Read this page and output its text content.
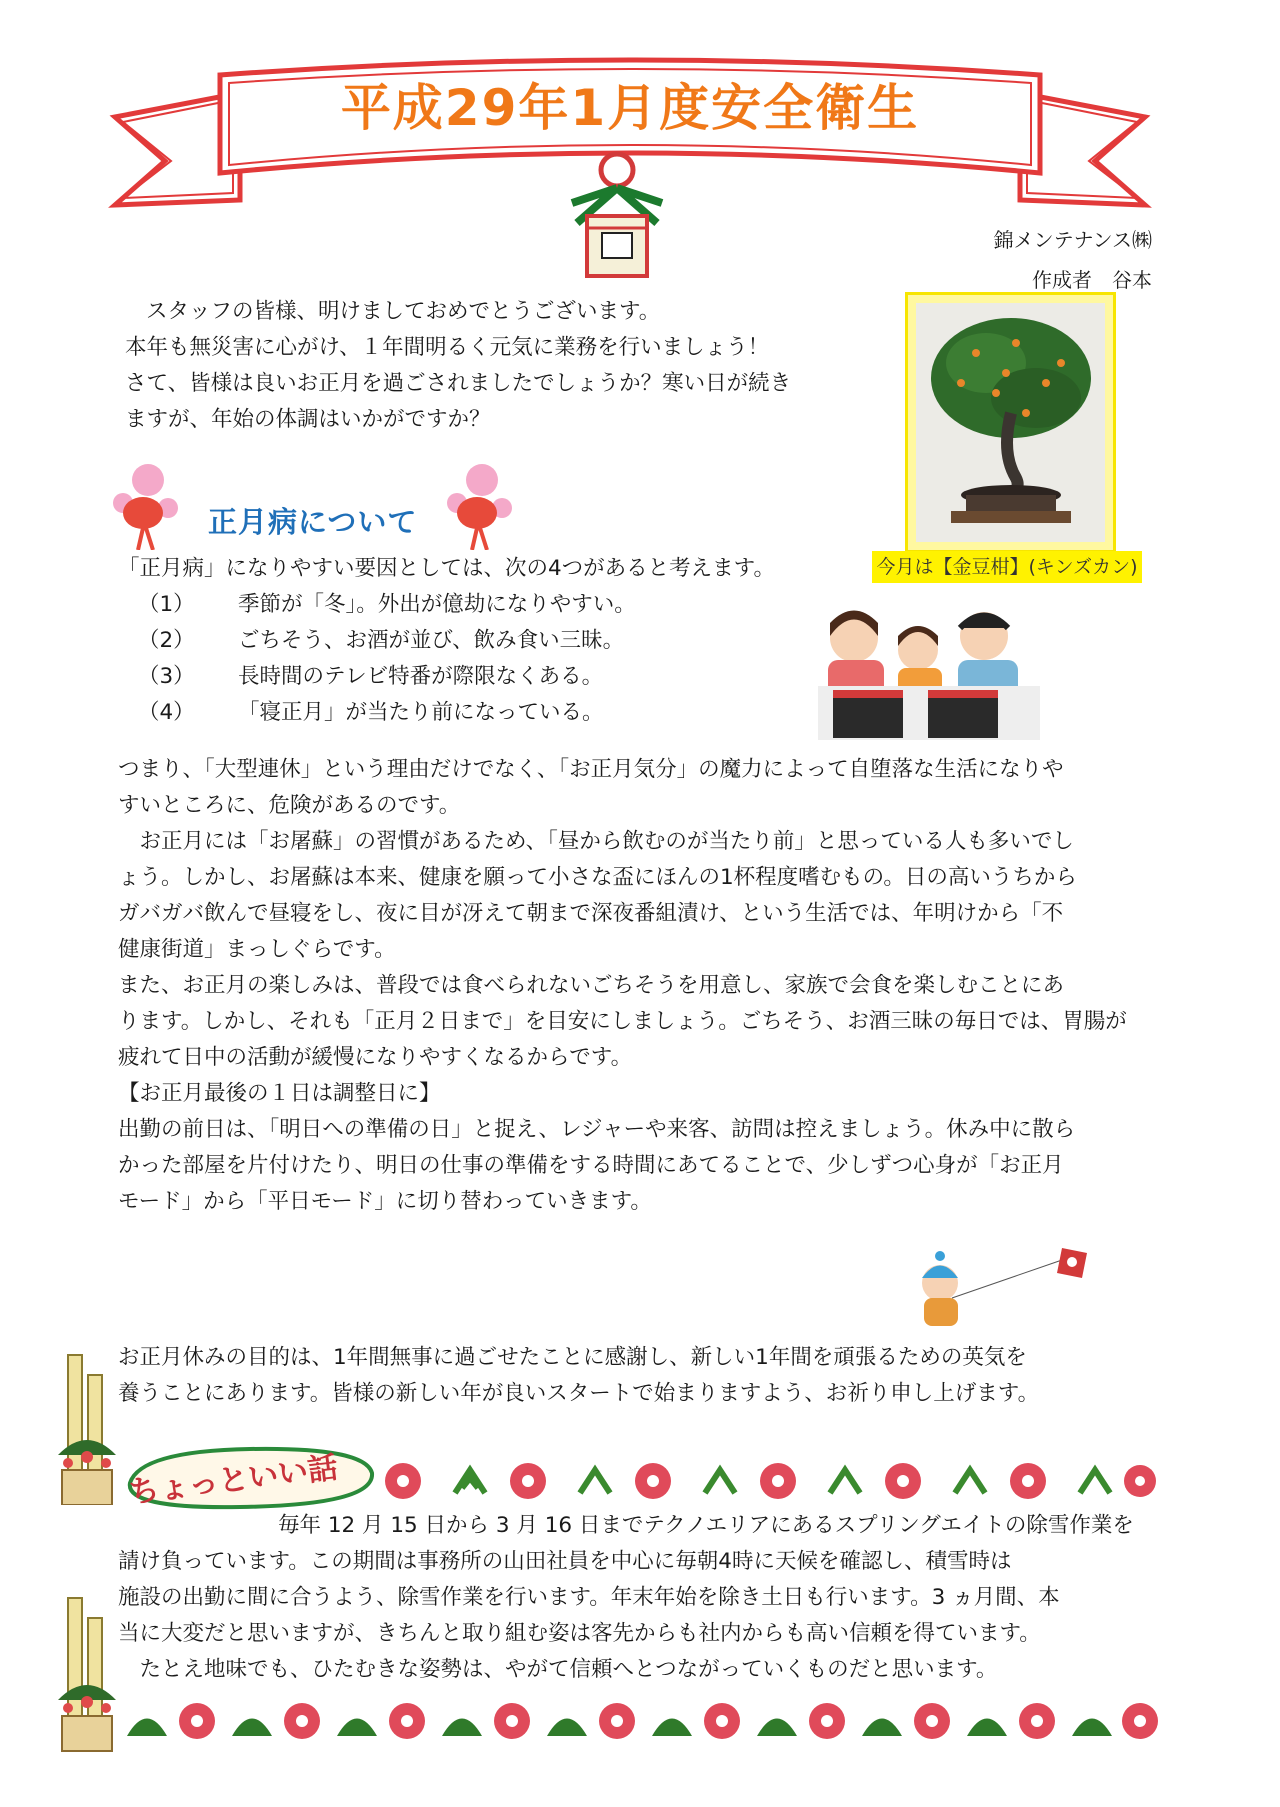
平成29年1月度安全衛生
錦メンテナンス㈱
作成者　谷本

スタッフの皆様、明けましておめでとうございます。

本年も無災害に心がけ、１年間明るく元気に業務を行いましょう！

さて、皆様は良いお正月を過ごされましたでしょうか？寒い日が続き

ますが、年始の体調はいかがですか？

今月は【金豆柑】(キンズカン)
正月病について

「正月病」になりやすい要因としては、次の4つがあると考えます。

（1） 季節が「冬」。外出が億劫になりやすい。
（2） ごちそう、お酒が並び、飲み食い三昧。
（3） 長時間のテレビ特番が際限なくある。
（4） 「寝正月」が当たり前になっている。

つまり、「大型連休」という理由だけでなく、「お正月気分」の魔力によって自堕落な生活になりや

すいところに、危険があるのです。

　お正月には「お屠蘇」の習慣があるため、「昼から飲むのが当たり前」と思っている人も多いでし

ょう。しかし、お屠蘇は本来、健康を願って小さな盃にほんの1杯程度嗜むもの。日の高いうちから

ガバガバ飲んで昼寝をし、夜に目が冴えて朝まで深夜番組漬け、という生活では、年明けから「不

健康街道」まっしぐらです。

また、お正月の楽しみは、普段では食べられないごちそうを用意し、家族で会食を楽しむことにあ

ります。しかし、それも「正月２日まで」を目安にしましょう。ごちそう、お酒三昧の毎日では、胃腸が

疲れて日中の活動が緩慢になりやすくなるからです。

【お正月最後の１日は調整日に】

出勤の前日は、「明日への準備の日」と捉え、レジャーや来客、訪問は控えましょう。休み中に散ら

かった部屋を片付けたり、明日の仕事の準備をする時間にあてることで、少しずつ心身が「お正月

モード」から「平日モード」に切り替わっていきます。

お正月休みの目的は、1年間無事に過ごせたことに感謝し、新しい1年間を頑張るための英気を

養うことにあります。皆様の新しい年が良いスタートで始まりますよう、お祈り申し上げます。

ちょっといい話

毎年 12 月 15 日から 3 月 16 日までテクノエリアにあるスプリングエイトの除雪作業を

請け負っています。この期間は事務所の山田社員を中心に毎朝4時に天候を確認し、積雪時は

施設の出勤に間に合うよう、除雪作業を行います。年末年始を除き土日も行います。3 ヵ月間、本

当に大変だと思いますが、きちんと取り組む姿は客先からも社内からも高い信頼を得ています。

　たとえ地味でも、ひたむきな姿勢は、やがて信頼へとつながっていくものだと思います。
